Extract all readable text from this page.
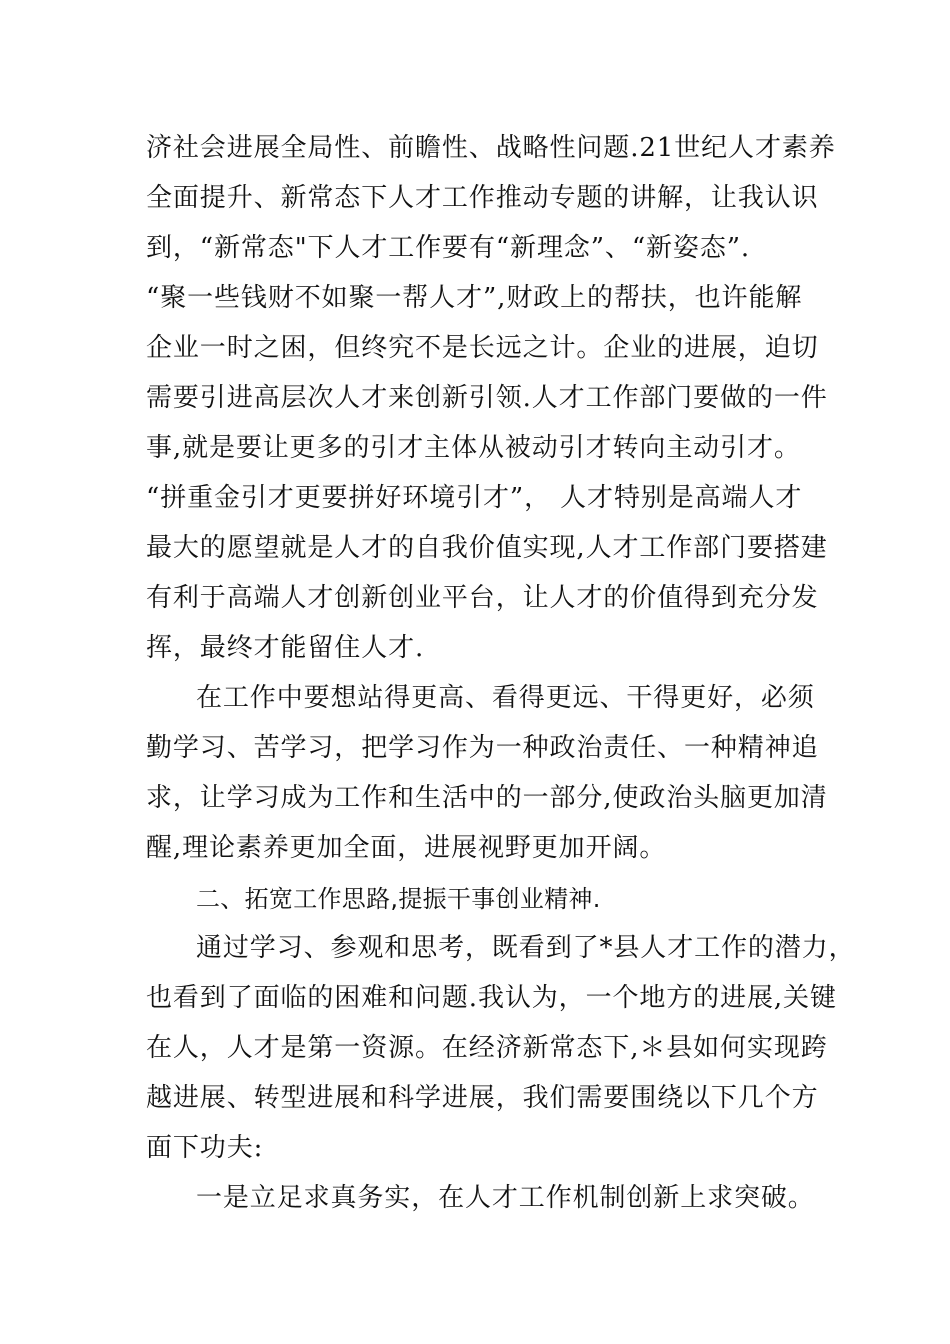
济社会进展全局性、前瞻性、战略性问题.21世纪人才素养
全面提升、新常态下人才工作推动专题的讲解，让我认识
到，“新常态"下人才工作要有“新理念”、“新姿态”.
“聚一些钱财不如聚一帮人才”,财政上的帮扶，也许能解
企业一时之困，但终究不是长远之计。企业的进展，迫切
需要引进高层次人才来创新引领.人才工作部门要做的一件
事,就是要让更多的引才主体从被动引才转向主动引才。
“拼重金引才更要拼好环境引才”， 人才特别是高端人才
最大的愿望就是人才的自我价值实现,人才工作部门要搭建
有利于高端人才创新创业平台，让人才的价值得到充分发
挥，最终才能留住人才.
在工作中要想站得更高、看得更远、干得更好，必须
勤学习、苦学习，把学习作为一种政治责任、一种精神追
求，让学习成为工作和生活中的一部分,使政治头脑更加清
醒,理论素养更加全面，进展视野更加开阔。
二、拓宽工作思路,提振干事创业精神.
通过学习、参观和思考，既看到了*县人才工作的潜力，
也看到了面临的困难和问题.我认为，一个地方的进展,关键
在人，人才是第一资源。在经济新常态下,＊县如何实现跨
越进展、转型进展和科学进展，我们需要围绕以下几个方
面下功夫:
一是立足求真务实，在人才工作机制创新上求突破。
